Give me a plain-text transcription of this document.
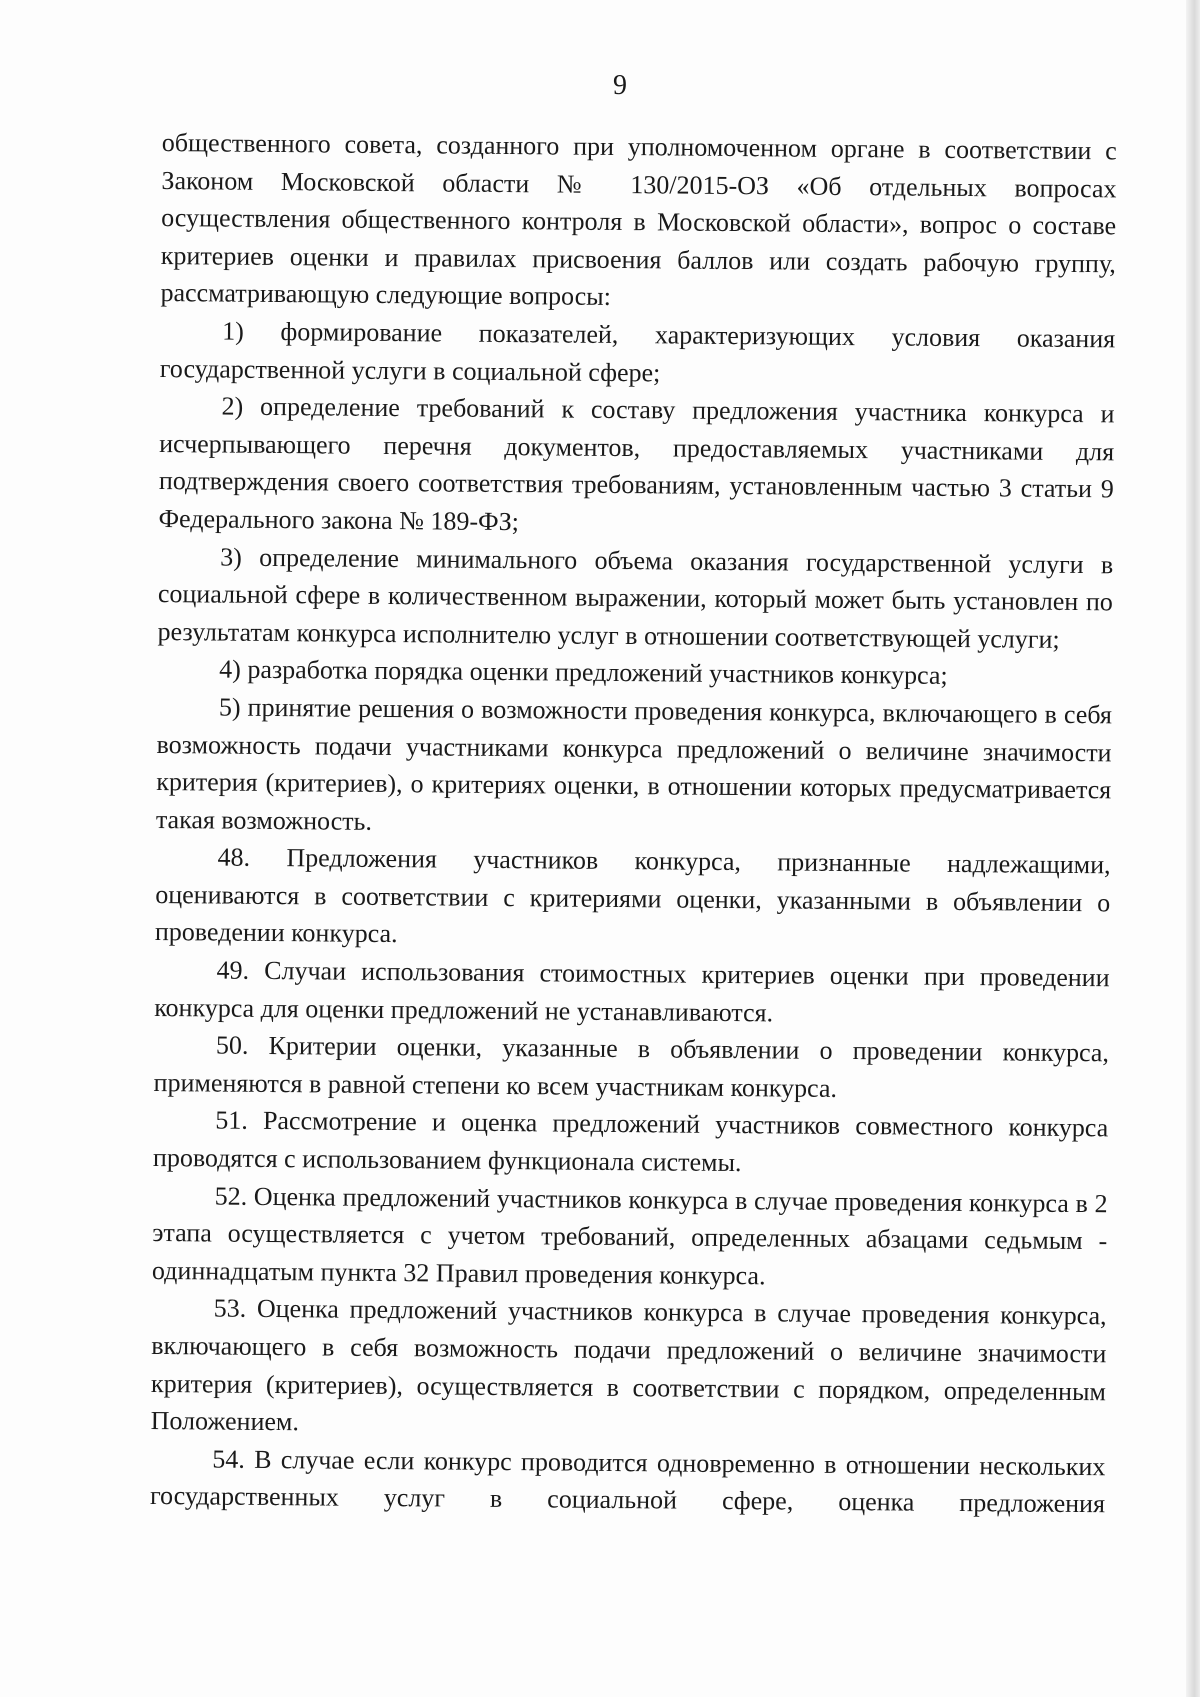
9

общественного совета, созданного при уполномоченном органе в соответствии с Законом Московской области № 130/2015-ОЗ «Об отдельных вопросах осуществления общественного контроля в Московской области», вопрос о составе критериев оценки и правилах присвоения баллов или создать рабочую группу, рассматривающую следующие вопросы:

1) формирование показателей, характеризующих условия оказания государственной услуги в социальной сфере;

2) определение требований к составу предложения участника конкурса и исчерпывающего перечня документов, предоставляемых участниками для подтверждения своего соответствия требованиям, установленным частью 3 статьи 9 Федерального закона № 189-ФЗ;

3) определение минимального объема оказания государственной услуги в социальной сфере в количественном выражении, который может быть установлен по результатам конкурса исполнителю услуг в отношении соответствующей услуги;

4) разработка порядка оценки предложений участников конкурса;

5) принятие решения о возможности проведения конкурса, включающего в себя возможность подачи участниками конкурса предложений о величине значимости критерия (критериев), о критериях оценки, в отношении которых предусматривается такая возможность.

48. Предложения участников конкурса, признанные надлежащими, оцениваются в соответствии с критериями оценки, указанными в объявлении о проведении конкурса.

49. Случаи использования стоимостных критериев оценки при проведении конкурса для оценки предложений не устанавливаются.

50. Критерии оценки, указанные в объявлении о проведении конкурса, применяются в равной степени ко всем участникам конкурса.

51. Рассмотрение и оценка предложений участников совместного конкурса проводятся с использованием функционала системы.

52. Оценка предложений участников конкурса в случае проведения конкурса в 2 этапа осуществляется с учетом требований, определенных абзацами седьмым - одиннадцатым пункта 32 Правил проведения конкурса.

53. Оценка предложений участников конкурса в случае проведения конкурса, включающего в себя возможность подачи предложений о величине значимости критерия (критериев), осуществляется в соответствии с порядком, определенным Положением.

54. В случае если конкурс проводится одновременно в отношении нескольких государственных услуг в социальной сфере, оценка предложения
